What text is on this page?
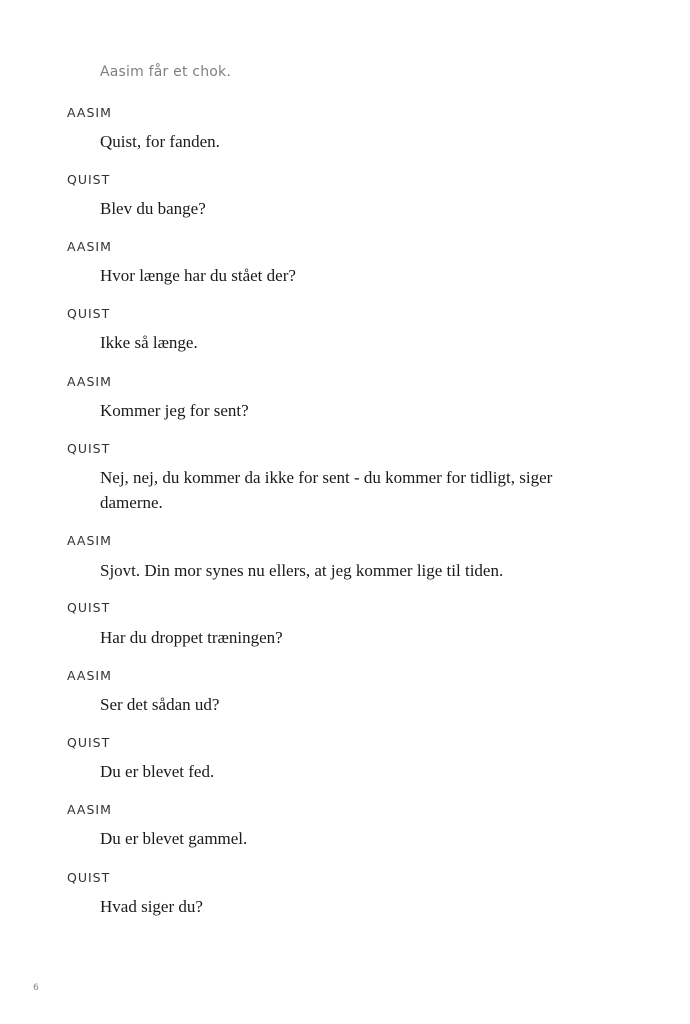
Aasim får et chok.
AASIM
Quist, for fanden.
QUIST
Blev du bange?
AASIM
Hvor længe har du stået der?
QUIST
Ikke så længe.
AASIM
Kommer jeg for sent?
QUIST
Nej, nej, du kommer da ikke for sent - du kommer for tidligt, siger damerne.
AASIM
Sjovt. Din mor synes nu ellers, at jeg kommer lige til tiden.
QUIST
Har du droppet træningen?
AASIM
Ser det sådan ud?
QUIST
Du er blevet fed.
AASIM
Du er blevet gammel.
QUIST
Hvad siger du?
6
